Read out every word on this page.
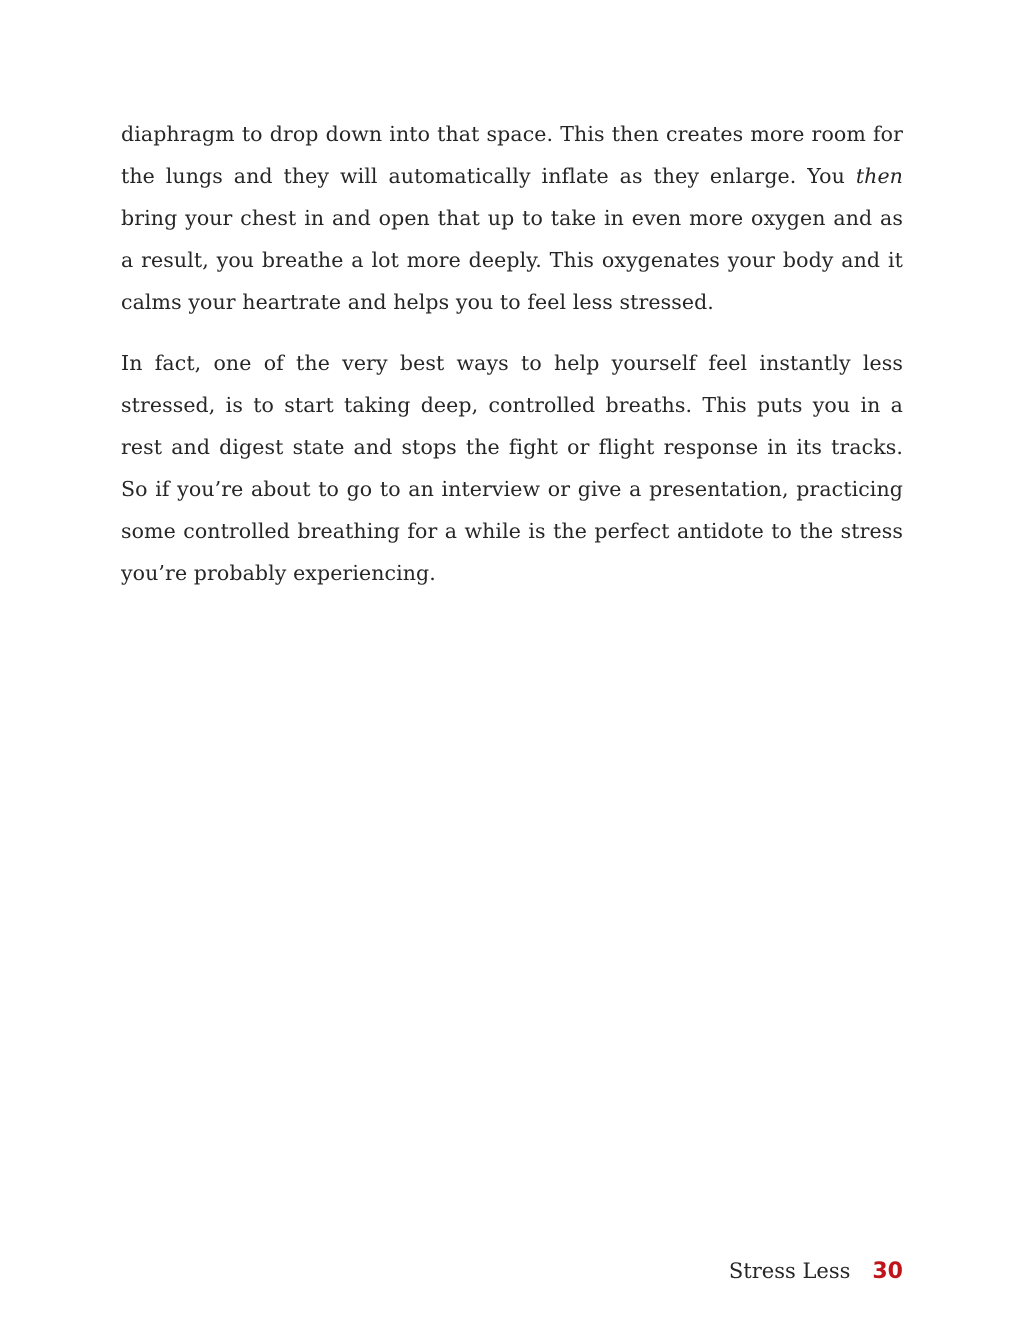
diaphragm to drop down into that space. This then creates more room for the lungs and they will automatically inflate as they enlarge. You then bring your chest in and open that up to take in even more oxygen and as a result, you breathe a lot more deeply. This oxygenates your body and it calms your heartrate and helps you to feel less stressed.

In fact, one of the very best ways to help yourself feel instantly less stressed, is to start taking deep, controlled breaths. This puts you in a rest and digest state and stops the fight or flight response in its tracks. So if you’re about to go to an interview or give a presentation, practicing some controlled breathing for a while is the perfect antidote to the stress you’re probably experiencing.

Stress Less 30
